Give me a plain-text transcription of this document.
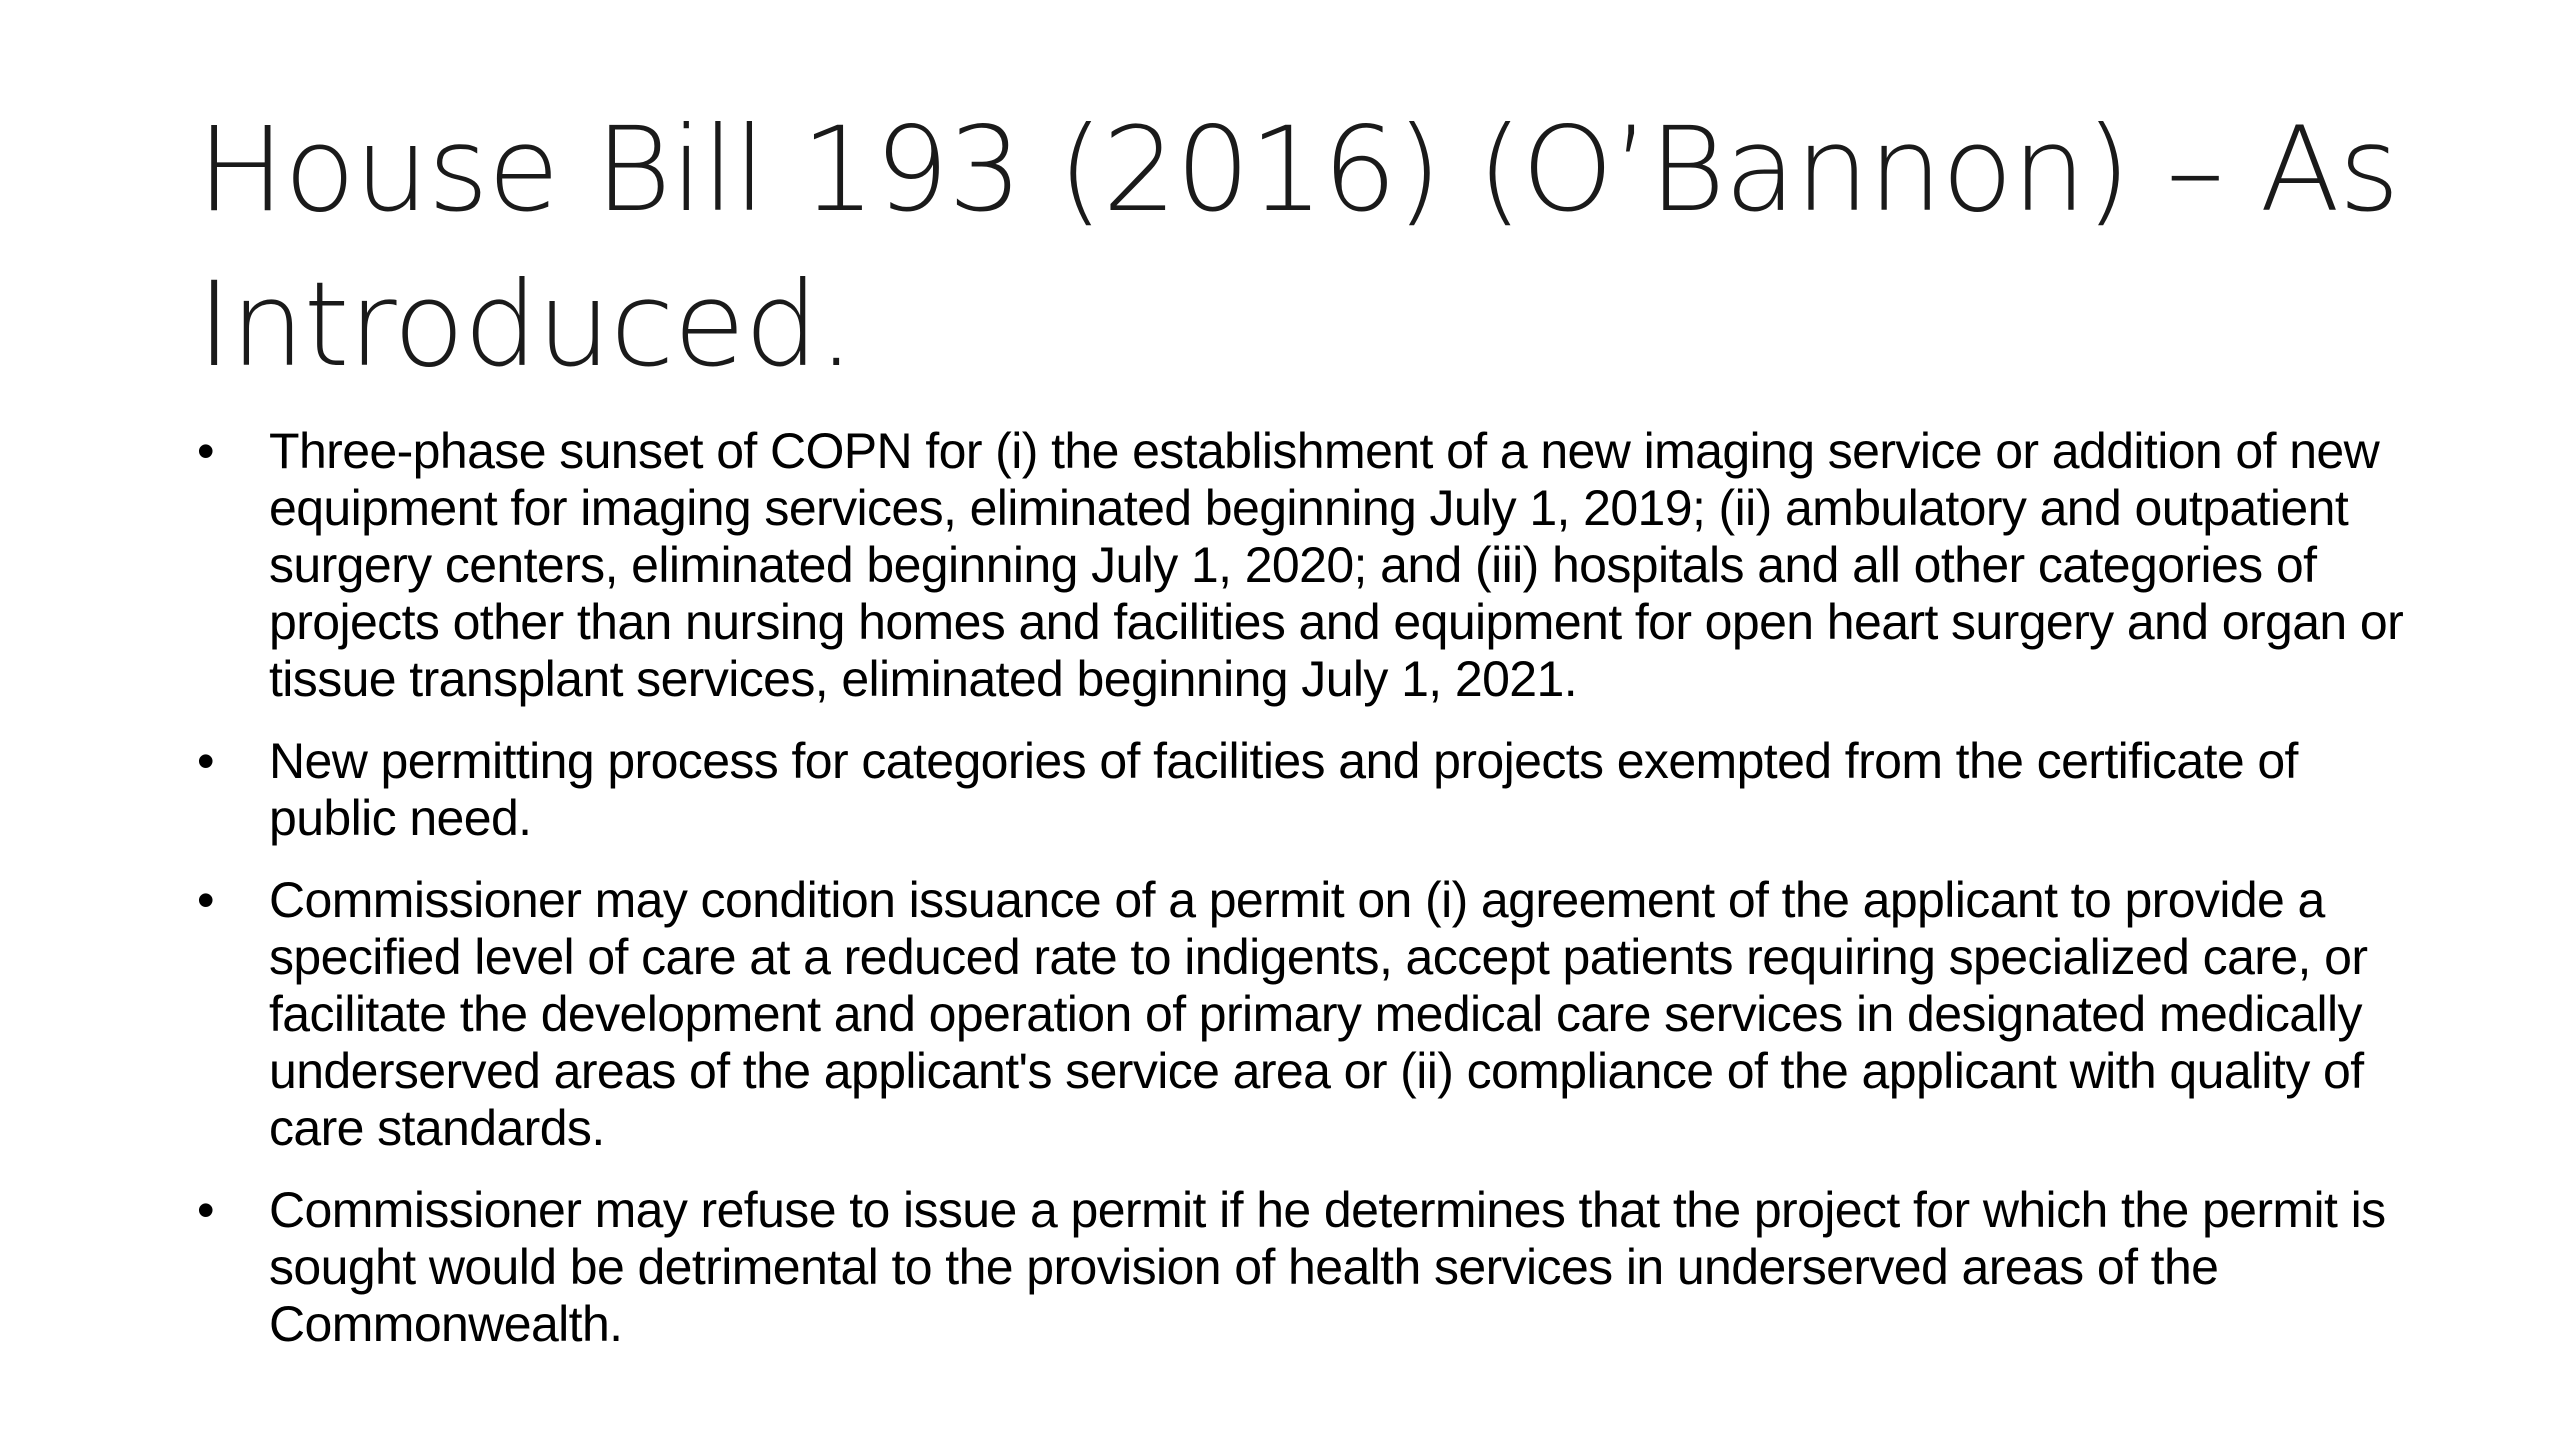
House Bill 193 (2016) (O’Bannon) – As Introduced.
• Three-phase sunset of COPN for (i) the establishment of a new imaging service or addition of new equipment for imaging services, eliminated beginning July 1, 2019; (ii) ambulatory and outpatient surgery centers, eliminated beginning July 1, 2020; and (iii) hospitals and all other categories of projects other than nursing homes and facilities and equipment for open heart surgery and organ or tissue transplant services, eliminated beginning July 1, 2021.
• New permitting process for categories of facilities and projects exempted from the certificate of public need.
• Commissioner may condition issuance of a permit on (i) agreement of the applicant to provide a specified level of care at a reduced rate to indigents, accept patients requiring specialized care, or facilitate the development and operation of primary medical care services in designated medically underserved areas of the applicant's service area or (ii) compliance of the applicant with quality of care standards.
• Commissioner may refuse to issue a permit if he determines that the project for which the permit is sought would be detrimental to the provision of health services in underserved areas of the Commonwealth.
